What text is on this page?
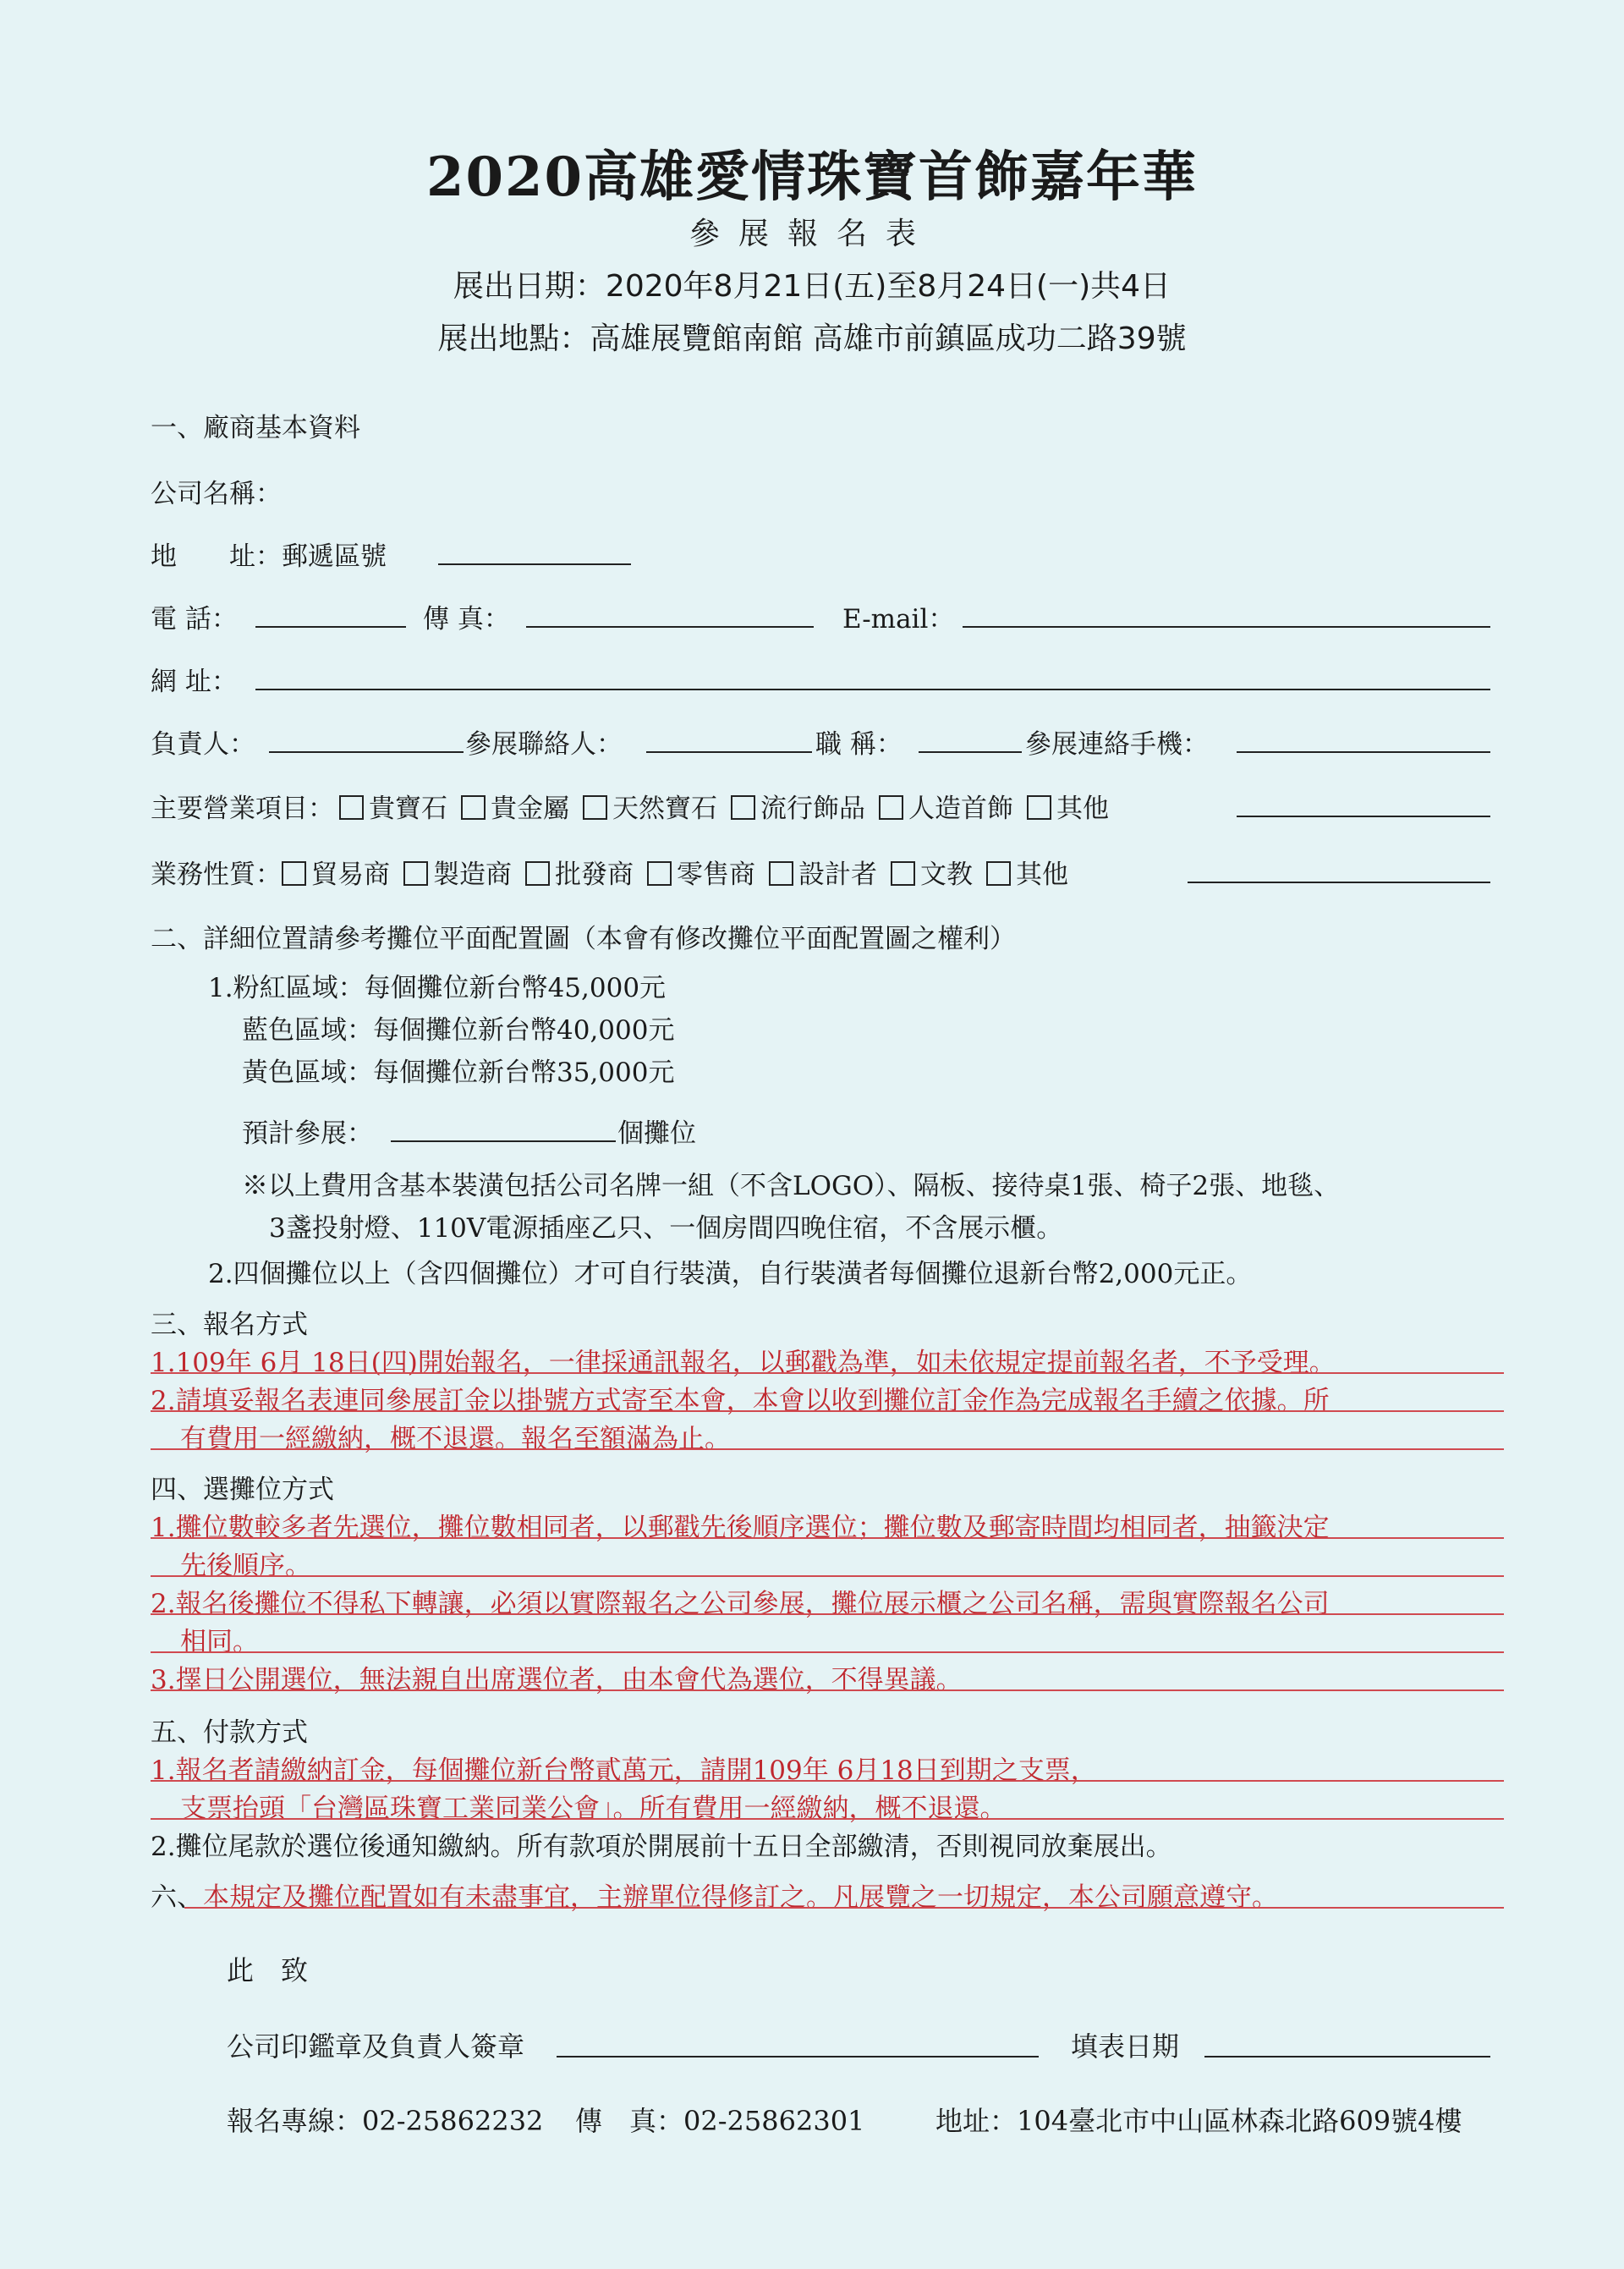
2020高雄愛情珠寶首飾嘉年華
參展報名表
展出日期：2020年8月21日(五)至8月24日(一)共4日
展出地點：高雄展覽館南館 高雄市前鎮區成功二路39號
一、廠商基本資料
公司名稱：
地　　址：郵遞區號
電 話：	傳 真：	E-mail：
網 址：
負責人：	參展聯絡人：	職 稱：	參展連絡手機：
主要營業項目： 貴寶石 貴金屬 天然寶石 流行飾品 人造首飾 其他
業務性質： 貿易商 製造商 批發商 零售商 設計者 文教 其他
二、詳細位置請參考攤位平面配置圖（本會有修改攤位平面配置圖之權利）
1.粉紅區域：每個攤位新台幣45,000元
藍色區域：每個攤位新台幣40,000元
黃色區域：每個攤位新台幣35,000元
預計參展：	個攤位
※以上費用含基本裝潢包括公司名牌一組（不含LOGO）、隔板、接待桌1張、椅子2張、地毯、
3盞投射燈、110V電源插座乙只、一個房間四晚住宿，不含展示櫃。
2.四個攤位以上（含四個攤位）才可自行裝潢，自行裝潢者每個攤位退新台幣2,000元正。
三、報名方式
1.109年 6月 18日(四)開始報名，一律採通訊報名，以郵戳為準，如未依規定提前報名者，不予受理。
2.請填妥報名表連同參展訂金以掛號方式寄至本會，本會以收到攤位訂金作為完成報名手續之依據。所
有費用一經繳納，概不退還。報名至額滿為止。
四、選攤位方式
1.攤位數較多者先選位，攤位數相同者，以郵戳先後順序選位；攤位數及郵寄時間均相同者，抽籤決定
先後順序。
2.報名後攤位不得私下轉讓，必須以實際報名之公司參展，攤位展示櫃之公司名稱，需與實際報名公司
相同。
3.擇日公開選位，無法親自出席選位者，由本會代為選位，不得異議。
五、付款方式
1.報名者請繳納訂金，每個攤位新台幣貳萬元，請開109年 6月18日到期之支票，
支票抬頭「台灣區珠寶工業同業公會」。所有費用一經繳納，概不退還。
2.攤位尾款於選位後通知繳納。所有款項於開展前十五日全部繳清，否則視同放棄展出。
六、本規定及攤位配置如有未盡事宜，主辦單位得修訂之。凡展覽之一切規定，本公司願意遵守。
此　致
公司印鑑章及負責人簽章	填表日期
報名專線：02-25862232 傳　真：02-25862301	地址：104臺北市中山區林森北路609號4樓
